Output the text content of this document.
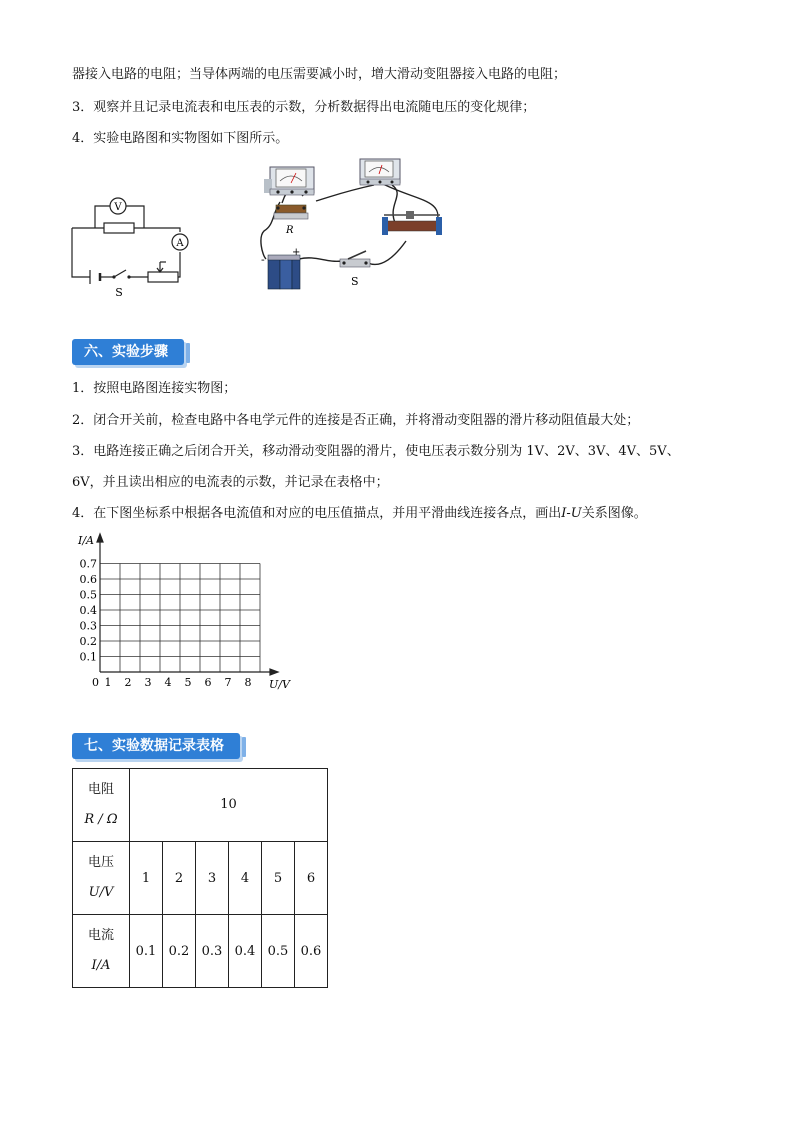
器接入电路的电阻；当导体两端的电压需要减小时，增大滑动变阻器接入电路的电阻；
3．观察并且记录电流表和电压表的示数，分析数据得出电流随电压的变化规律；
4．实验电路图和实物图如下图所示。
V
A
S
R
-
+
S
六、实验步骤
1．按照电路图连接实物图；
2．闭合开关前，检查电路中各电学元件的连接是否正确，并将滑动变阻器的滑片移动阻值最大处；
3．电路连接正确之后闭合开关，移动滑动变阻器的滑片，使电压表示数分别为 1V、2V、3V、4V、5V、
6V，并且读出相应的电流表的示数，并记录在表格中；
4．在下图坐标系中根据各电流值和对应的电压值描点，并用平滑曲线连接各点，画出I-U关系图像。
0.7
0.6
0.5
0.4
0.3
0.2
0.1
1 2 3 4 5 6 7 8
I/A
U/V
0
七、实验数据记录表格
电阻
R / Ω	10					

电压
U/V	1	2	3	4	5	6

电流
I/A	0.1	0.2	0.3	0.4	0.5	0.6
